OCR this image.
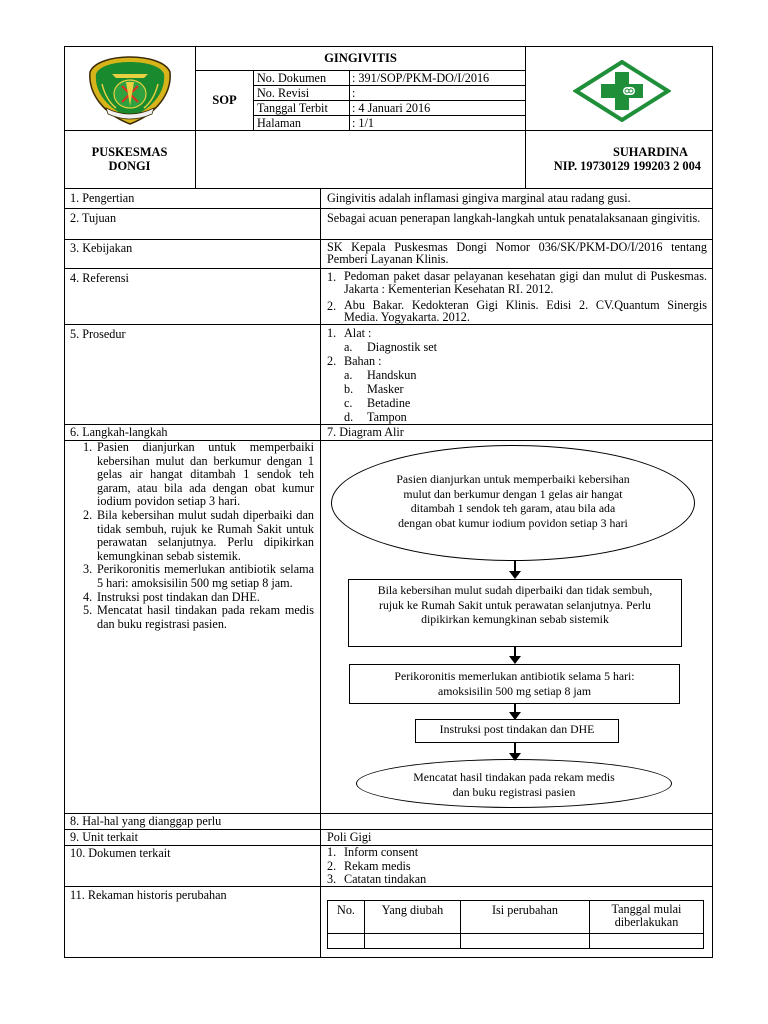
GINGIVITIS
SOP
No. Dokumen : 391/SOP/PKM-DO/I/2016
No. Revisi	:
Tanggal Terbit : 4 Januari 2016
Halaman	: 1/1
PUSKESMAS
DONGI
SUHARDINA
NIP. 19730129 199203 2 004
1. Pengertian	Gingivitis adalah inflamasi gingiva marginal atau radang gusi.
2. Tujuan	Sebagai acuan penerapan langkah-langkah untuk penatalaksanaan gingivitis.
3. Kebijakan	SK Kepala Puskesmas Dongi Nomor 036/SK/PKM-DO/I/2016 tentang Pemberi Layanan Klinis.
4. Referensi	1. Pedoman paket dasar pelayanan kesehatan gigi dan mulut di Puskesmas. Jakarta : Kementerian Kesehatan RI. 2012.
2. Abu Bakar. Kedokteran Gigi Klinis. Edisi 2. CV.Quantum Sinergis Media. Yogyakarta. 2012.
5. Prosedur	1. Alat :
a. Diagnostik set
2. Bahan :
a. Handskun
b. Masker
c. Betadine
d. Tampon
6. Langkah-langkah
1. Pasien dianjurkan untuk memperbaiki kebersihan mulut dan berkumur dengan 1 gelas air hangat ditambah 1 sendok teh garam, atau bila ada dengan obat kumur iodium povidon setiap 3 hari.
2. Bila kebersihan mulut sudah diperbaiki dan tidak sembuh, rujuk ke Rumah Sakit untuk perawatan selanjutnya. Perlu dipikirkan kemungkinan sebab sistemik.
3. Perikoronitis memerlukan antibiotik selama 5 hari: amoksisilin 500 mg setiap 8 jam.
4. Instruksi post tindakan dan DHE.
5. Mencatat hasil tindakan pada rekam medis dan buku registrasi pasien.
7. Diagram Alir
Pasien dianjurkan untuk memperbaiki kebersihan mulut dan berkumur dengan 1 gelas air hangat ditambah 1 sendok teh garam, atau bila ada dengan obat kumur iodium povidon setiap 3 hari
Bila kebersihan mulut sudah diperbaiki dan tidak sembuh, rujuk ke Rumah Sakit untuk perawatan selanjutnya. Perlu dipikirkan kemungkinan sebab sistemik
Perikoronitis memerlukan antibiotik selama 5 hari: amoksisilin 500 mg setiap 8 jam
Instruksi post tindakan dan DHE
Mencatat hasil tindakan pada rekam medis dan buku registrasi pasien
8. Hal-hal yang dianggap perlu
9. Unit terkait	Poli Gigi
10. Dokumen terkait	1. Inform consent
2. Rekam medis
3. Catatan tindakan
11. Rekaman historis perubahan
No.	Yang diubah	Isi perubahan	Tanggal mulai diberlakukan
